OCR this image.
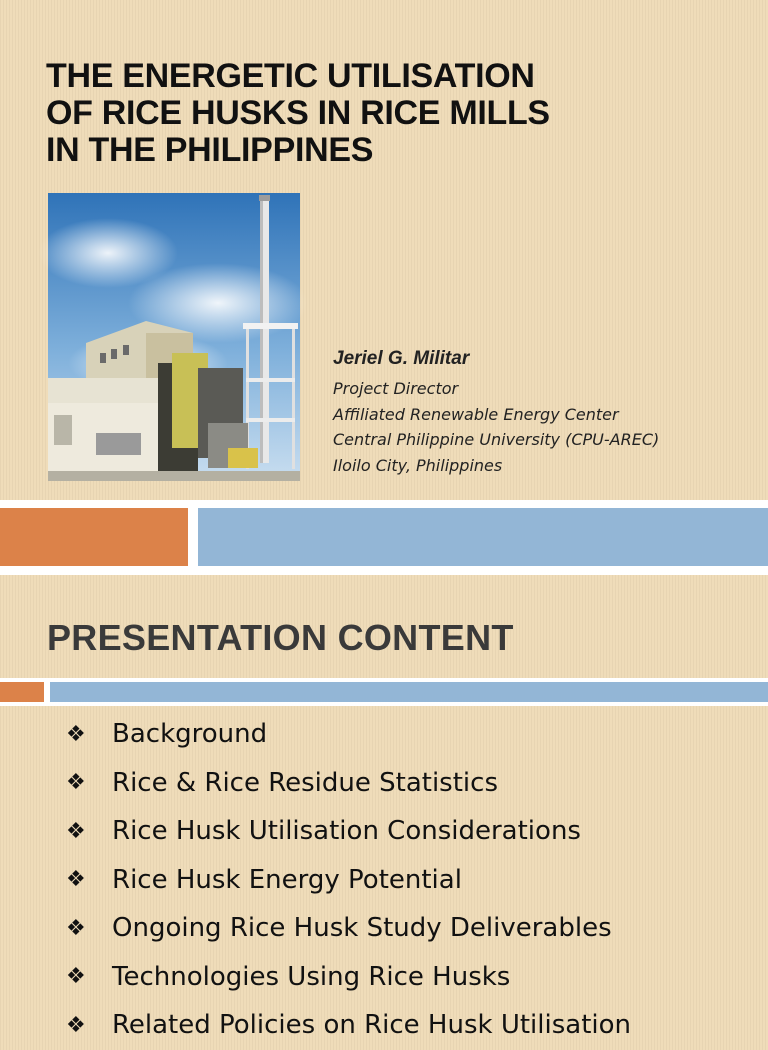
THE ENERGETIC UTILISATION
OF RICE HUSKS IN RICE MILLS
IN THE PHILIPPINES
Jeriel G. Militar
Project Director
Affiliated Renewable Energy Center
Central Philippine University (CPU-AREC)
Iloilo City, Philippines
PRESENTATION CONTENT
❖	Background
❖	Rice & Rice Residue Statistics
❖	Rice Husk Utilisation Considerations
❖	Rice Husk Energy Potential
❖	Ongoing Rice Husk Study Deliverables
❖	Technologies Using Rice Husks
❖	Related Policies on Rice Husk Utilisation
